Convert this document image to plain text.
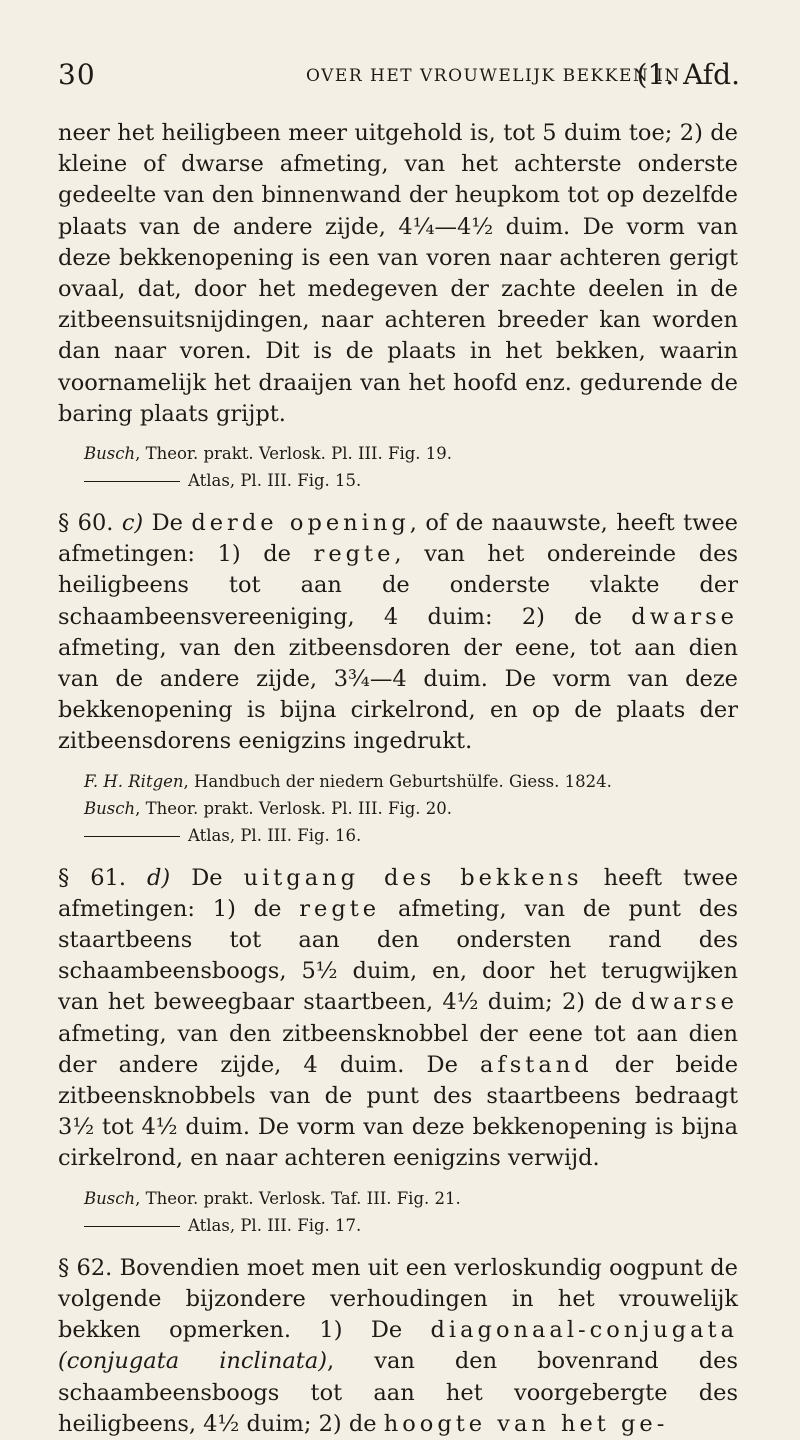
30	OVER HET VROUWELIJK BEKKEN IN
(1. Afd.

neer het heiligbeen meer uitgehold is, tot 5 duim toe; 2) de kleine of dwarse afmeting, van het achterste onderste gedeelte van den binnenwand der heupkom tot op dezelfde plaats van de andere zijde, 4¼—4½ duim. De vorm van deze bekkenopening is een van voren naar achteren gerigt ovaal, dat, door het medegeven der zachte deelen in de zitbeensuitsnijdingen, naar achteren breeder kan worden dan naar voren. Dit is de plaats in het bekken, waarin voornamelijk het draaijen van het hoofd enz. gedurende de baring plaats grijpt.

Busch, Theor. prakt. Verlosk. Pl. III. Fig. 19.

Atlas, Pl. III. Fig. 15.

§ 60. c) De derde opening, of de naauwste, heeft twee afmetingen: 1) de regte, van het ondereinde des heiligbeens tot aan de onderste vlakte der schaambeensvereeniging, 4 duim: 2) de dwarse afmeting, van den zitbeensdoren der eene, tot aan dien van de andere zijde, 3¾—4 duim. De vorm van deze bekkenopening is bijna cirkelrond, en op de plaats der zitbeensdorens eenigzins ingedrukt.

F. H. Ritgen, Handbuch der niedern Geburtshülfe. Giess. 1824.

Busch, Theor. prakt. Verlosk. Pl. III. Fig. 20.

Atlas, Pl. III. Fig. 16.

§ 61. d) De uitgang des bekkens heeft twee afmetingen: 1) de regte afmeting, van de punt des staartbeens tot aan den ondersten rand des schaambeensboogs, 5½ duim, en, door het terugwijken van het beweegbaar staartbeen, 4½ duim; 2) de dwarse afmeting, van den zitbeensknobbel der eene tot aan dien der andere zijde, 4 duim. De afstand der beide zitbeensknobbels van de punt des staartbeens bedraagt 3½ tot 4½ duim. De vorm van deze bekkenopening is bijna cirkelrond, en naar achteren eenigzins verwijd.

Busch, Theor. prakt. Verlosk. Taf. III. Fig. 21.

Atlas, Pl. III. Fig. 17.

§ 62. Bovendien moet men uit een verloskundig oogpunt de volgende bijzondere verhoudingen in het vrouwelijk bekken opmerken. 1) De diagonaal-conjugata (conjugata inclinata), van den bovenrand des schaambeensboogs tot aan het voorgebergte des heiligbeens, 4½ duim; 2) de hoogte van het ge-
